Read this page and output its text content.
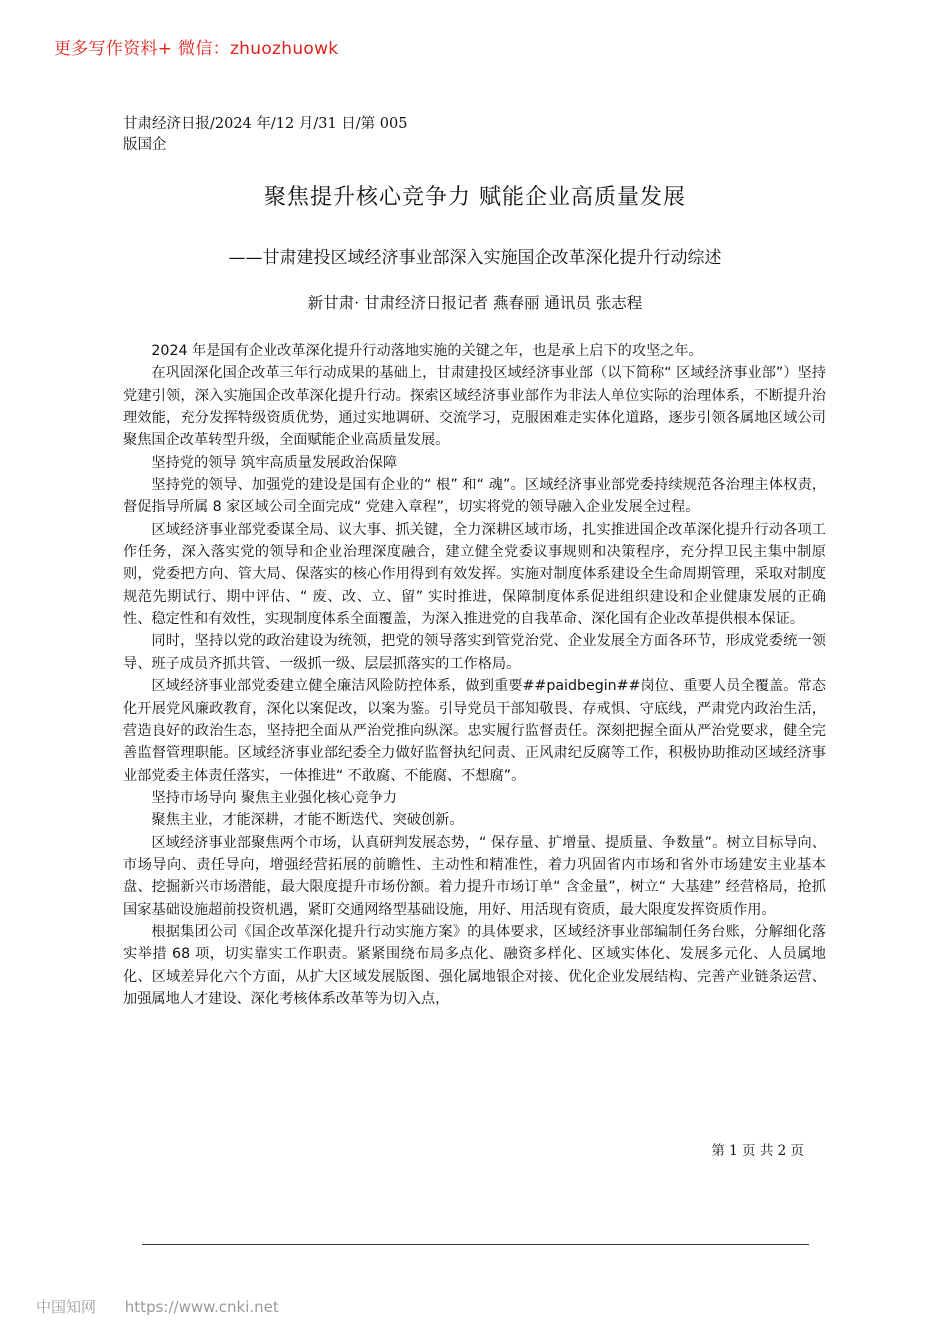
更多写作资料+ 微信：zhuozhuowk
甘肃经济日报/2024 年/12 月/31 日/第 005
版国企
聚焦提升核心竞争力 赋能企业高质量发展
——甘肃建投区域经济事业部深入实施国企改革深化提升行动综述
新甘肃· 甘肃经济日报记者 燕春丽 通讯员 张志程

2024 年是国有企业改革深化提升行动落地实施的关键之年，也是承上启下的攻坚之年。

在巩固深化国企改革三年行动成果的基础上，甘肃建投区域经济事业部（以下简称“ 区域经济事业部”）坚持党建引领，深入实施国企改革深化提升行动。探索区域经济事业部作为非法人单位实际的治理体系，不断提升治理效能，充分发挥特级资质优势，通过实地调研、交流学习，克服困难走实体化道路，逐步引领各属地区域公司聚焦国企改革转型升级，全面赋能企业高质量发展。

坚持党的领导 筑牢高质量发展政治保障

坚持党的领导、加强党的建设是国有企业的“ 根” 和“ 魂”。区域经济事业部党委持续规范各治理主体权责，督促指导所属 8 家区域公司全面完成“ 党建入章程”，切实将党的领导融入企业发展全过程。

区域经济事业部党委谋全局、议大事、抓关键，全力深耕区域市场，扎实推进国企改革深化提升行动各项工作任务，深入落实党的领导和企业治理深度融合，建立健全党委议事规则和决策程序，充分捍卫民主集中制原则，党委把方向、管大局、保落实的核心作用得到有效发挥。实施对制度体系建设全生命周期管理，采取对制度规范先期试行、期中评估、“ 废、改、立、留” 实时推进，保障制度体系促进组织建设和企业健康发展的正确性、稳定性和有效性，实现制度体系全面覆盖，为深入推进党的自我革命、深化国有企业改革提供根本保证。

同时，坚持以党的政治建设为统领，把党的领导落实到管党治党、企业发展全方面各环节，形成党委统一领导、班子成员齐抓共管、一级抓一级、层层抓落实的工作格局。

区域经济事业部党委建立健全廉洁风险防控体系，做到重要##paidbegin##岗位、重要人员全覆盖。常态化开展党风廉政教育，深化以案促改，以案为鉴。引导党员干部知敬畏、存戒惧、守底线，严肃党内政治生活，营造良好的政治生态，坚持把全面从严治党推向纵深。忠实履行监督责任。深刻把握全面从严治党要求，健全完善监督管理职能。区域经济事业部纪委全力做好监督执纪问责、正风肃纪反腐等工作，积极协助推动区域经济事业部党委主体责任落实，一体推进“ 不敢腐、不能腐、不想腐”。

坚持市场导向 聚焦主业强化核心竞争力

聚焦主业，才能深耕，才能不断迭代、突破创新。

区域经济事业部聚焦两个市场，认真研判发展态势，“ 保存量、扩增量、提质量、争数量”。树立目标导向、市场导向、责任导向，增强经营拓展的前瞻性、主动性和精准性，着力巩固省内市场和省外市场建安主业基本盘、挖掘新兴市场潜能，最大限度提升市场份额。着力提升市场订单“ 含金量”，树立“ 大基建” 经营格局，抢抓国家基础设施超前投资机遇，紧盯交通网络型基础设施，用好、用活现有资质，最大限度发挥资质作用。

根据集团公司《国企改革深化提升行动实施方案》的具体要求，区域经济事业部编制任务台账，分解细化落实举措 68 项，切实靠实工作职责。紧紧围绕布局多点化、融资多样化、区域实体化、发展多元化、人员属地化、区域差异化六个方面，从扩大区域发展版图、强化属地银企对接、优化企业发展结构、完善产业链条运营、加强属地人才建设、深化考核体系改革等为切入点，

第 1 页 共 2 页
中国知网 https://www.cnki.net
